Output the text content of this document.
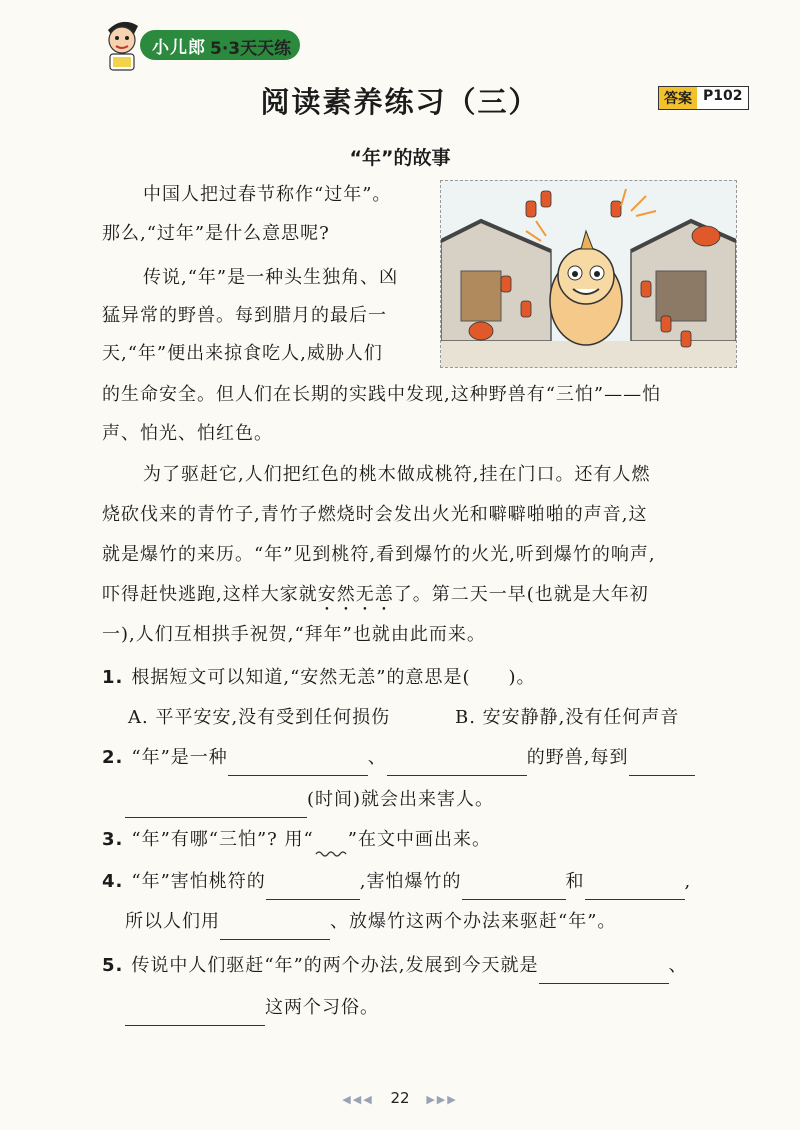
小儿郎 5·3天天练
阅读素养练习（三）	答案 P102
“年”的故事
中国人把过春节称作“过年”。
那么,“过年”是什么意思呢?
传说,“年”是一种头生独角、凶
猛异常的野兽。每到腊月的最后一
天,“年”便出来掠食吃人,威胁人们
的生命安全。但人们在长期的实践中发现,这种野兽有“三怕”——怕
声、怕光、怕红色。
为了驱赶它,人们把红色的桃木做成桃符,挂在门口。还有人燃
烧砍伐来的青竹子,青竹子燃烧时会发出火光和噼噼啪啪的声音,这
就是爆竹的来历。“年”见到桃符,看到爆竹的火光,听到爆竹的响声,
吓得赶快逃跑,这样大家就安然无恙了。第二天一早(也就是大年初
一),人们互相拱手祝贺,“拜年”也就由此而来。
1. 根据短文可以知道,“安然无恙”的意思是(　　)。
A. 平平安安,没有受到任何损伤	B. 安安静静,没有任何声音
2. “年”是一种	、	的野兽,每到
(时间)就会出来害人。
3. “年”有哪“三怕”? 用“ ”在文中画出来。
4. “年”害怕桃符的	,害怕爆竹的	和	,
所以人们用	、放爆竹这两个办法来驱赶“年”。
5. 传说中人们驱赶“年”的两个办法,发展到今天就是	、
这两个习俗。
◀◀◀ 22 ▶▶▶
